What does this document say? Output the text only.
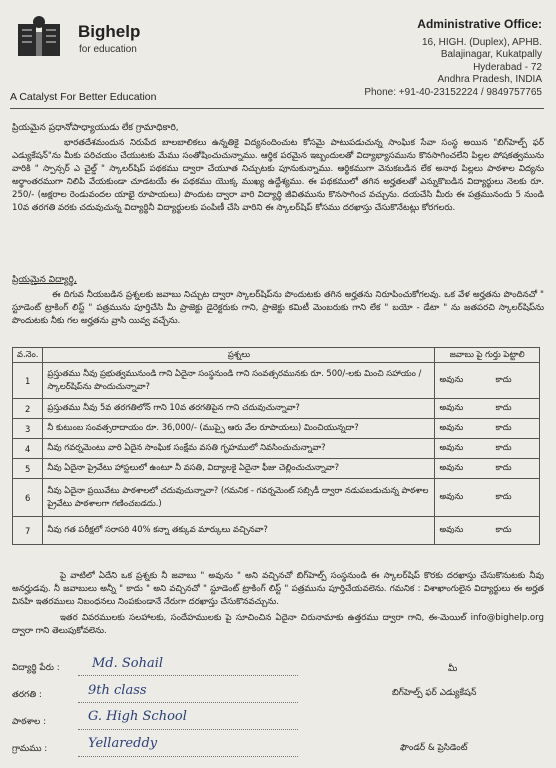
Bighelp
for education
A Catalyst For Better Education
Administrative Office:
16, HIGH. (Duplex), APHB.
Balajinagar, Kukatpally
Hyderabad - 72
Andhra Pradesh, INDIA
Phone: +91-40-23152224 / 9849757765
ప్రియమైన ప్రధానోపాధ్యాయుడు లేక గ్రామాధికారి,
భారతదేశమందున నిరుపేద బాలబాలికలు ఉన్నతికై విద్యనందించుట కోసమై పాటుపడుచున్న సాంఘిక సేవా సంస్థ అయిన "బిగ్‌హెల్ప్ ఫర్ ఎడ్యుకేషన్"ను మీకు పరిచయం చేయుటకు మేము సంతోషించుచున్నాము. ఆర్థిక పరమైన ఇబ్బందులతో విద్యాభ్యాసమును కొనసాగించలేని పిల్లల పోషకత్వమును వారికి " స్పాన్సర్ ఎ చైల్డ్ " స్కాలర్‌షిప్ పథకము ద్వారా చేయూత నిచ్చుటకు పూనుకున్నాము. ఆర్థికముగా వెనుకబడిన లేక అనాథ పిల్లలు పాఠశాల విద్యను అర్థాంతరముగా నిలిపి వేయకుండా చూడటయే ఈ పథకము యొక్క ముఖ్య ఉద్దేశ్యము. ఈ పథకములో తగిన అర్హతలతో ఎన్నుకొబడిన విద్యార్థులు నెలకు రూ. 250/- (అక్షరాల రెండువందల యాభై రూపాయలు) పొందుట ద్వారా వారి విద్యార్థి జీవితమును కొనసాగించ వచ్చును. దయచేసి మీరు ఈ పత్రమునందు 5 నుండి 10వ తరగతి వరకు చదువుచున్న విద్యార్థినీ విద్యార్థులకు పంపిణీ చేసి వారిని ఈ స్కాలర్‌షిప్ కోసము దరఖాస్తు చేసుకొనేటట్లు కోరగలరు.
ప్రియమైన విద్యార్థి,
ఈ దిగువ నీయబడిన ప్రశ్నలకు జవాబు నిచ్చుట ద్వారా స్కాలర్‌షిప్‌ను పొందుటకు తగిన అర్హతను నిరూపించుకోగలవు. ఒక వేళ అర్హతను పొందినచో " స్టూడెంట్ ట్రాకింగ్ లిస్ట్ " పత్రమును పూర్తిచేసి మీ ప్రాజెక్టు డైరెక్టరుకు గాని, ప్రాజెక్టు కమిటీ మెంబరుకు గాని లేక " బయో - డేటా " ను జతపరచి స్కాలర్‌షిప్‌ను పొందుటకు నీకు గల అర్హతను వ్రాసి యివ్వ వచ్చేను.
వ.నెం.	ప్రశ్నలు	జవాబు పై గుర్తు పెట్టాలి	
1	ప్రస్తుతము నీవు ప్రభుత్వమునుండి గాని ఏదైనా సంస్థనుండి గాని సంవత్సరమునకు రూ. 500/-లకు మించి సహాయం / స్కాలర్‌షిప్‌ను పొందుచున్నావా?	అవును	కాదు
2	ప్రస్తుతము నీవు 5వ తరగతిలోన్ గాని 10వ తరగతిపైన గాని చదువుచున్నావా?	అవును	కాదు
3	నీ కుటుంబ సంవత్సరాదాయం రూ. 36,000/- (ముప్పై ఆరు వేల రూపాయలు) మించియున్నదా?	అవును	కాదు
4	నీవు గవర్నమెంటు వారి ఏదైన సాంఘిక సంక్షేమ వసతి గృహములో నివసించుచున్నావా?	అవును	కాదు
5	నీవు ఏదైనా ప్రైవేటు హాస్టలులో ఉంటూ నీ వసతి, విద్యాలకై ఏదైనా ఫీజు చెల్లించుచున్నావా?	అవును	కాదు
6	నీవు ఏదైనా ప్రయివేటు పాఠశాలలో చదువుచున్నావా? (గమనిక - గవర్నమెంట్ సబ్సిడీ ద్వారా నడుపబడుచున్న పాఠశాల ప్రైవేటు పాఠశాలగా గణించబడదు.)	అవును	కాదు
7	నీవు గత పరీక్షలో సరాసరి 40% కన్నా తక్కువ మార్కులు వచ్చినవా?	అవును	కాదు
పై వాటిలో ఏదేని ఒక ప్రశ్నకు నీ జవాబు " అవును " అని వచ్చినచో బిగ్‌హెల్ప్ సంస్థనుండి ఈ స్కాలర్‌షిప్ కొరకు దరఖాస్తు చేసుకొనుటకు నీవు అనర్హుడవు. నీ జవాబులు అన్నీ " కాదు " అని వచ్చినచో " స్టూడెంట్ ట్రాకింగ్ లిస్ట్ " పత్రమును పూర్తిచేయవలెను. గమనిక : విశాఖాంగులైన విద్యార్థులు ఈ అర్హత వినహి ఇతరములు నిబంధనలు నింపకుండానే నేరుగా దరఖాస్తు చేసుకొనవచ్చును.
ఇతర వివరములకు సలహాలకు, సందేహములకు పై సూచించిన ఏదైనా చిరునామాకు ఉత్తరము ద్వారా గాని, ఈ-మెయిల్ info@bighelp.org ద్వారా గాని తెలుపుకోవలెను.
విద్యార్థి పేరు : Md. Sohail
తరగతి :	9th class
పాఠశాల :	G. High School
గ్రామము :	Yellareddy
మీ
బిగ్‌హెల్ప్ ఫర్ ఎడ్యుకేషన్
ఫౌండర్ & ప్రెసిడెంట్
